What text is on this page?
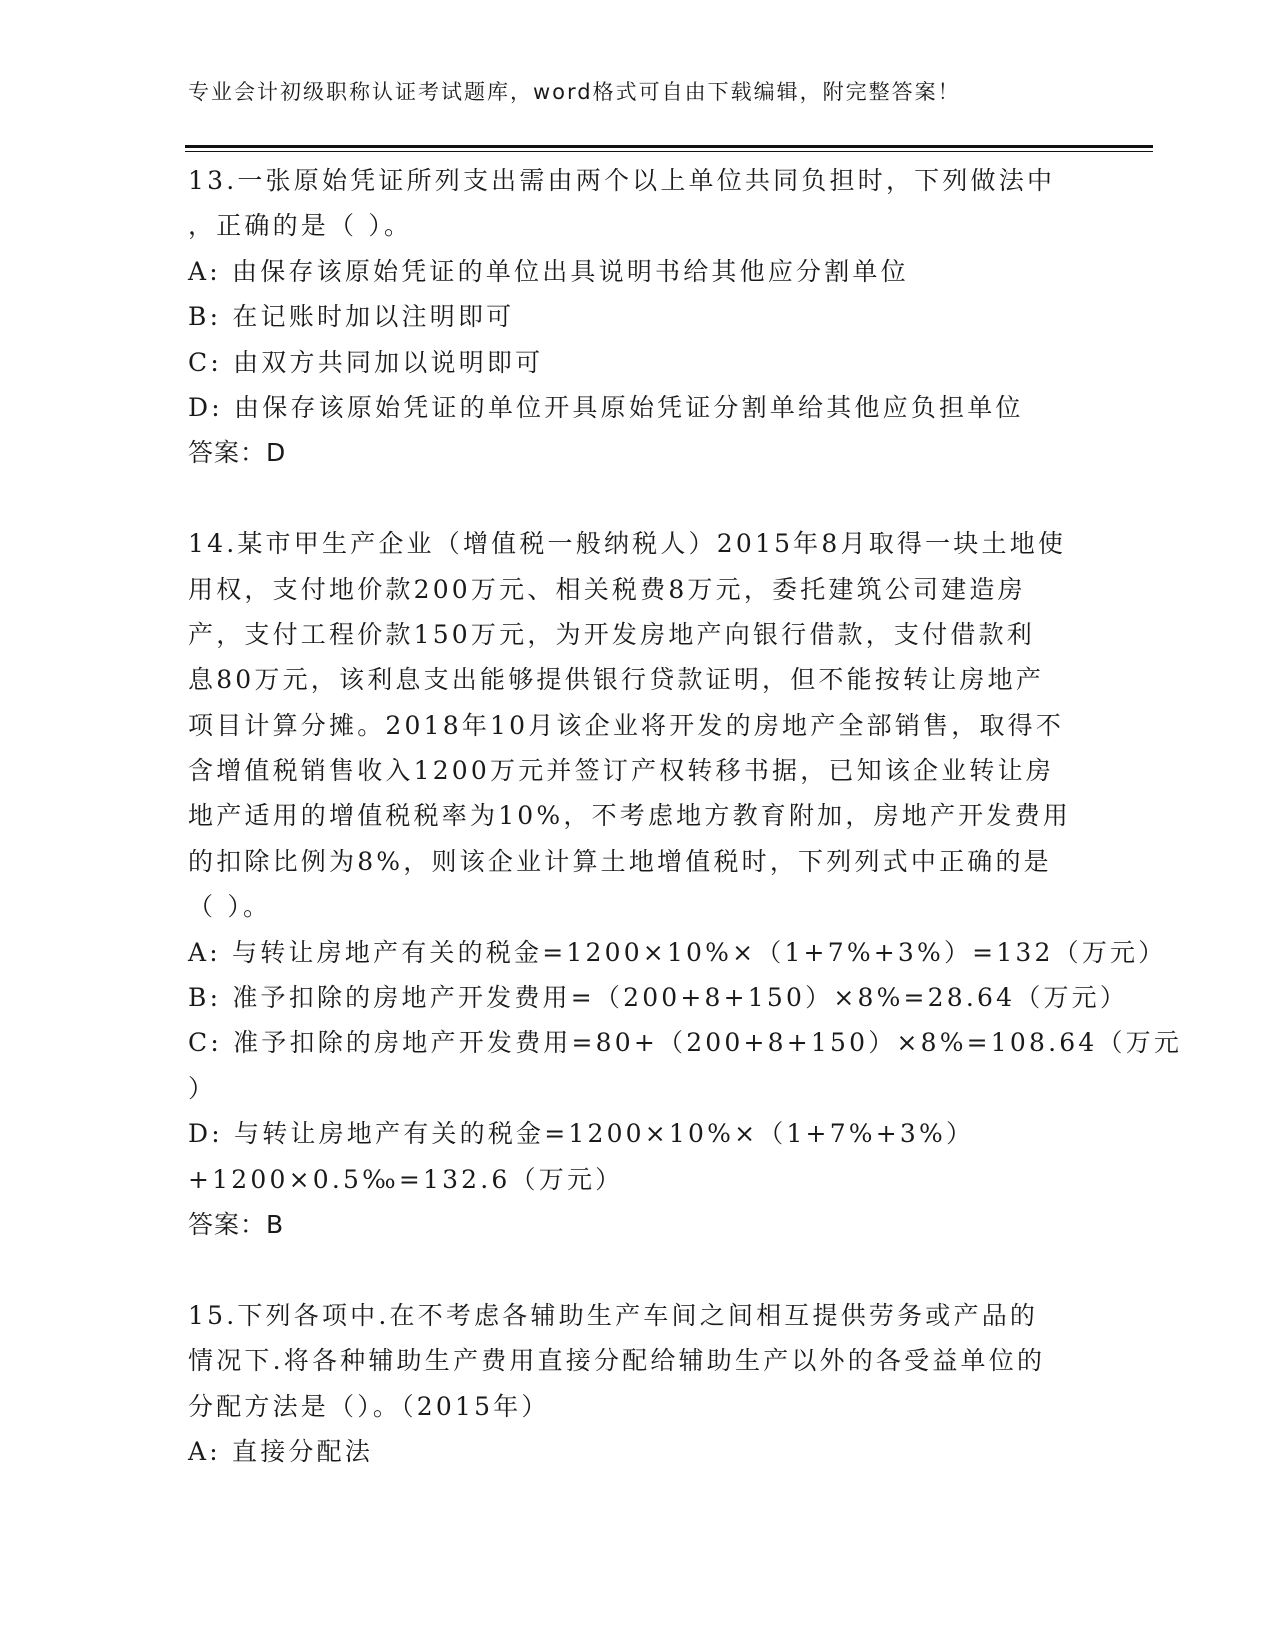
专业会计初级职称认证考试题库，word格式可自由下载编辑，附完整答案！
13.一张原始凭证所列支出需由两个以上单位共同负担时，下列做法中
，正确的是（ ）。
A: 由保存该原始凭证的单位出具说明书给其他应分割单位
B: 在记账时加以注明即可
C: 由双方共同加以说明即可
D: 由保存该原始凭证的单位开具原始凭证分割单给其他应负担单位
答案：D
14.某市甲生产企业（增值税一般纳税人）2015年8月取得一块土地使
用权，支付地价款200万元、相关税费8万元，委托建筑公司建造房
产，支付工程价款150万元，为开发房地产向银行借款，支付借款利
息80万元，该利息支出能够提供银行贷款证明，但不能按转让房地产
项目计算分摊。2018年10月该企业将开发的房地产全部销售，取得不
含增值税销售收入1200万元并签订产权转移书据，已知该企业转让房
地产适用的增值税税率为10%，不考虑地方教育附加，房地产开发费用
的扣除比例为8%，则该企业计算土地增值税时，下列列式中正确的是
（ ）。
A: 与转让房地产有关的税金=1200×10%×（1+7%+3%）=132（万元）
B: 准予扣除的房地产开发费用=（200+8+150）×8%=28.64（万元）
C: 准予扣除的房地产开发费用=80+（200+8+150）×8%=108.64（万元
）
D: 与转让房地产有关的税金=1200×10%×（1+7%+3%）
+1200×0.5‰=132.6（万元）
答案：B
15.下列各项中.在不考虑各辅助生产车间之间相互提供劳务或产品的
情况下.将各种辅助生产费用直接分配给辅助生产以外的各受益单位的
分配方法是（）。（2015年）
A: 直接分配法
